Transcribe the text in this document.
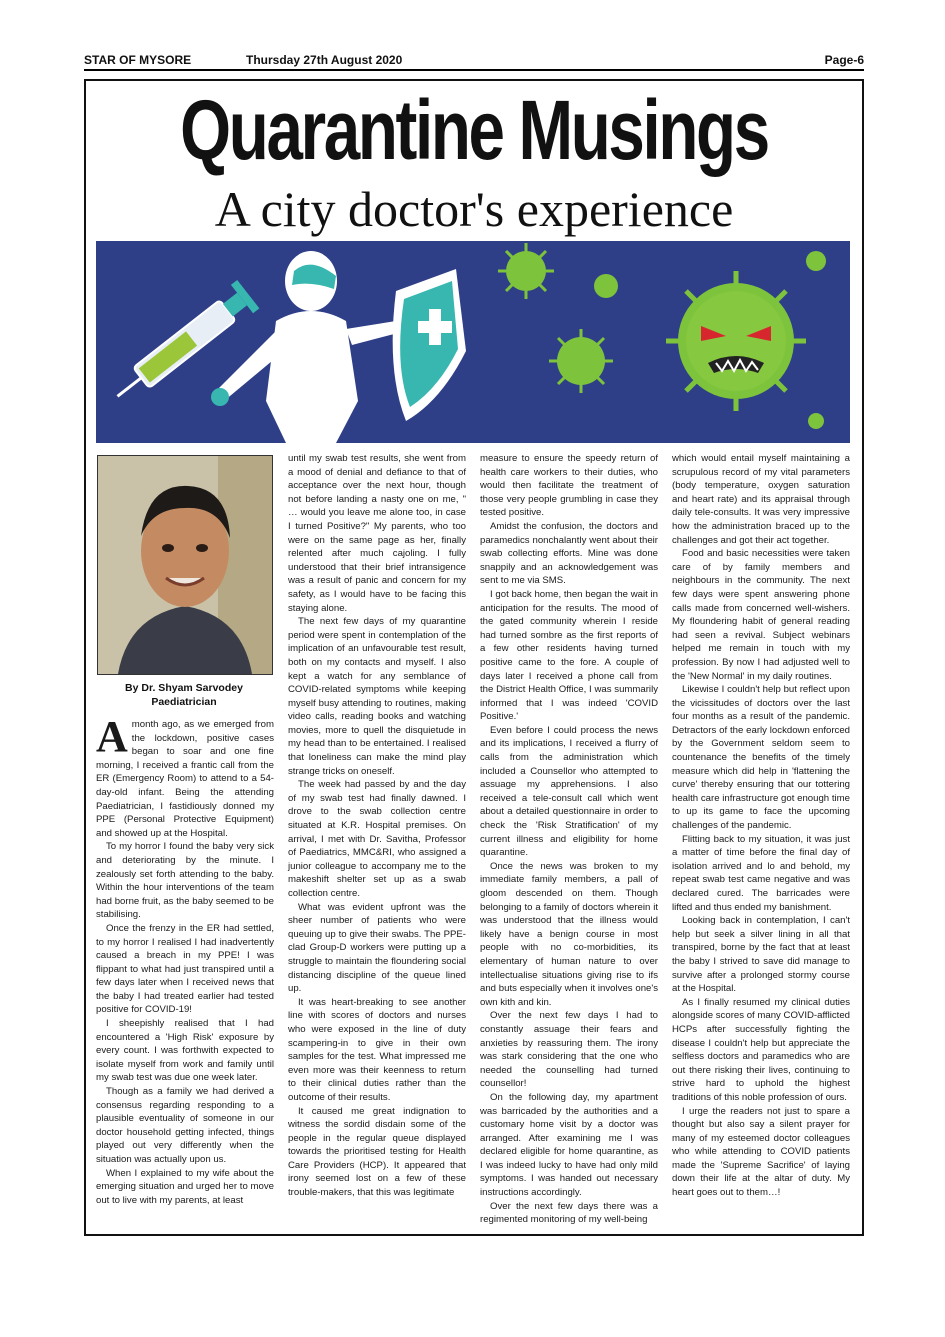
STAR OF MYSORE	Thursday 27th August 2020	Page-6
Quarantine Musings
A city doctor's experience
By Dr. Shyam Sarvodey
Paediatrician

Amonth ago, as we emerged from the lockdown, positive cases began to soar and one fine morning, I received a frantic call from the ER (Emergency Room) to attend to a 54-day-old infant. Being the attending Paediatrician, I fastidiously donned my PPE (Personal Protective Equipment) and showed up at the Hospital.

To my horror I found the baby very sick and deteriorating by the minute. I zealously set forth attending to the baby. Within the hour interventions of the team had borne fruit, as the baby seemed to be stabilising.

Once the frenzy in the ER had settled, to my horror I realised I had inadvertently caused a breach in my PPE! I was flippant to what had just transpired until a few days later when I received news that the baby I had treated earlier had tested positive for COVID-19!

I sheepishly realised that I had encountered a 'High Risk' exposure by every count. I was forthwith expected to isolate myself from work and family until my swab test was due one week later.

Though as a family we had derived a consensus regarding responding to a plausible eventuality of someone in our doctor household getting infected, things played out very differently when the situation was actually upon us.

When I explained to my wife about the emerging situation and urged her to move out to live with my parents, at least

until my swab test results, she went from a mood of denial and defiance to that of acceptance over the next hour, though not before landing a nasty one on me, " … would you leave me alone too, in case I turned Positive?" My parents, who too were on the same page as her, finally relented after much cajoling. I fully understood that their brief intransigence was a result of panic and concern for my safety, as I would have to be facing this staying alone.

The next few days of my quarantine period were spent in contemplation of the implication of an unfavourable test result, both on my contacts and myself. I also kept a watch for any semblance of COVID-related symptoms while keeping myself busy attending to routines, making video calls, reading books and watching movies, more to quell the disquietude in my head than to be entertained. I realised that loneliness can make the mind play strange tricks on oneself.

The week had passed by and the day of my swab test had finally dawned. I drove to the swab collection centre situated at K.R. Hospital premises. On arrival, I met with Dr. Savitha, Professor of Paediatrics, MMC&RI, who assigned a junior colleague to accompany me to the makeshift shelter set up as a swab collection centre.

What was evident upfront was the sheer number of patients who were queuing up to give their swabs. The PPE-clad Group-D workers were putting up a struggle to maintain the floundering social distancing discipline of the queue lined up.

It was heart-breaking to see another line with scores of doctors and nurses who were exposed in the line of duty scampering-in to give in their own samples for the test. What impressed me even more was their keenness to return to their clinical duties rather than the outcome of their results.

It caused me great indignation to witness the sordid disdain some of the people in the regular queue displayed towards the prioritised testing for Health Care Providers (HCP). It appeared that irony seemed lost on a few of these trouble-makers, that this was legitimate

measure to ensure the speedy return of health care workers to their duties, who would then facilitate the treatment of those very people grumbling in case they tested positive.

Amidst the confusion, the doctors and paramedics nonchalantly went about their swab collecting efforts. Mine was done snappily and an acknowledgement was sent to me via SMS.

I got back home, then began the wait in anticipation for the results. The mood of the gated community wherein I reside had turned sombre as the first reports of a few other residents having turned positive came to the fore. A couple of days later I received a phone call from the District Health Office, I was summarily informed that I was indeed 'COVID Positive.'

Even before I could process the news and its implications, I received a flurry of calls from the administration which included a Counsellor who attempted to assuage my apprehensions. I also received a tele-consult call which went about a detailed questionnaire in order to check the 'Risk Stratification' of my current illness and eligibility for home quarantine.

Once the news was broken to my immediate family members, a pall of gloom descended on them. Though belonging to a family of doctors wherein it was understood that the illness would likely have a benign course in most people with no co-morbidities, its elementary of human nature to over intellectualise situations giving rise to ifs and buts especially when it involves one's own kith and kin.

Over the next few days I had to constantly assuage their fears and anxieties by reassuring them. The irony was stark considering that the one who needed the counselling had turned counsellor!

On the following day, my apartment was barricaded by the authorities and a customary home visit by a doctor was arranged. After examining me I was declared eligible for home quarantine, as I was indeed lucky to have had only mild symptoms. I was handed out necessary instructions accordingly.

Over the next few days there was a regimented monitoring of my well-being

which would entail myself maintaining a scrupulous record of my vital parameters (body temperature, oxygen saturation and heart rate) and its appraisal through daily tele-consults. It was very impressive how the administration braced up to the challenges and got their act together.

Food and basic necessities were taken care of by family members and neighbours in the community. The next few days were spent answering phone calls made from concerned well-wishers. My floundering habit of general reading had seen a revival. Subject webinars helped me remain in touch with my profession. By now I had adjusted well to the 'New Normal' in my daily routines.

Likewise I couldn't help but reflect upon the vicissitudes of doctors over the last four months as a result of the pandemic. Detractors of the early lockdown enforced by the Government seldom seem to countenance the benefits of the timely measure which did help in 'flattening the curve' thereby ensuring that our tottering health care infrastructure got enough time to up its game to face the upcoming challenges of the pandemic.

Flitting back to my situation, it was just a matter of time before the final day of isolation arrived and lo and behold, my repeat swab test came negative and was declared cured. The barricades were lifted and thus ended my banishment.

Looking back in contemplation, I can't help but seek a silver lining in all that transpired, borne by the fact that at least the baby I strived to save did manage to survive after a prolonged stormy course at the Hospital.

As I finally resumed my clinical duties alongside scores of many COVID-afflicted HCPs after successfully fighting the disease I couldn't help but appreciate the selfless doctors and paramedics who are out there risking their lives, continuing to strive hard to uphold the highest traditions of this noble profession of ours.

I urge the readers not just to spare a thought but also say a silent prayer for many of my esteemed doctor colleagues who while attending to COVID patients made the 'Supreme Sacrifice' of laying down their life at the altar of duty. My heart goes out to them…!
